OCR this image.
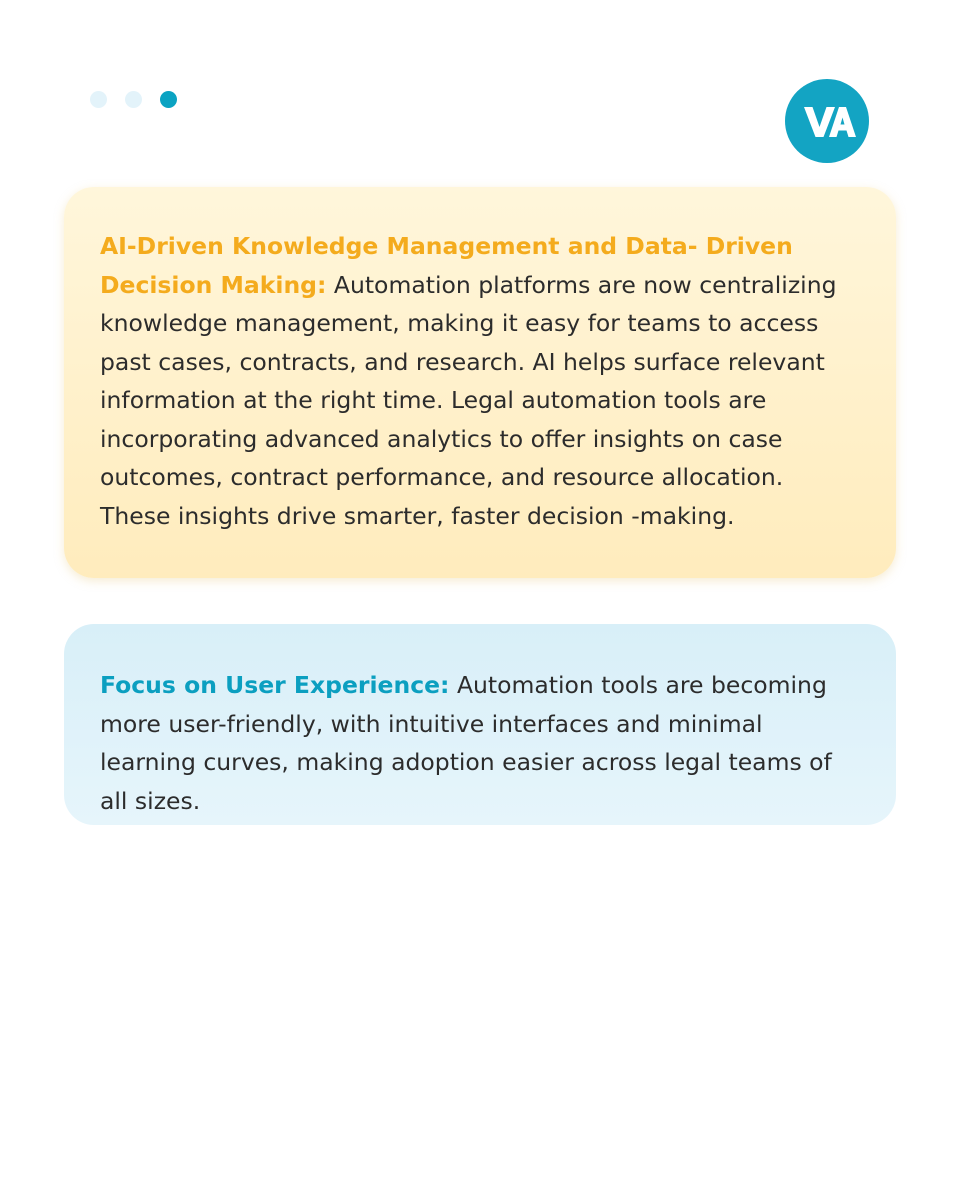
AI-Driven Knowledge Management and Data- Driven Decision Making: Automation platforms are now centralizing knowledge management, making it easy for teams to access past cases, contracts, and research. AI helps surface relevant information at the right time. Legal automation tools are incorporating advanced analytics to offer insights on case outcomes, contract performance, and resource allocation. These insights drive smarter, faster decision -making.

Focus on User Experience: Automation tools are becoming more user-friendly, with intuitive interfaces and minimal learning curves, making adoption easier across legal teams of all sizes.
